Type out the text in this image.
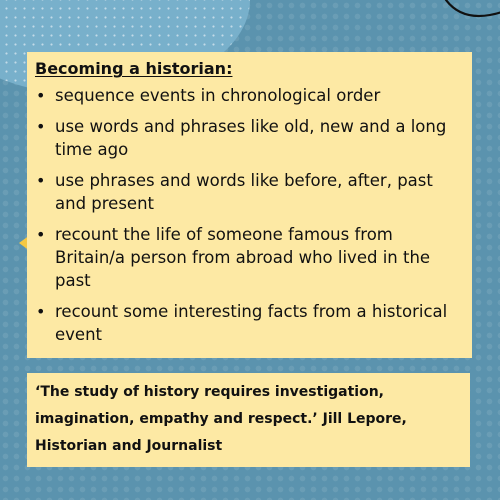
Becoming a historian:
• sequence events in chronological order
• use words and phrases like old, new and a long time ago
• use phrases and words like before, after, past and present
• recount the life of someone famous from Britain/a person from abroad who lived in the past
• recount some interesting facts from a historical event
‘The study of history requires investigation, imagination, empathy and respect.’ Jill Lepore, Historian and Journalist
